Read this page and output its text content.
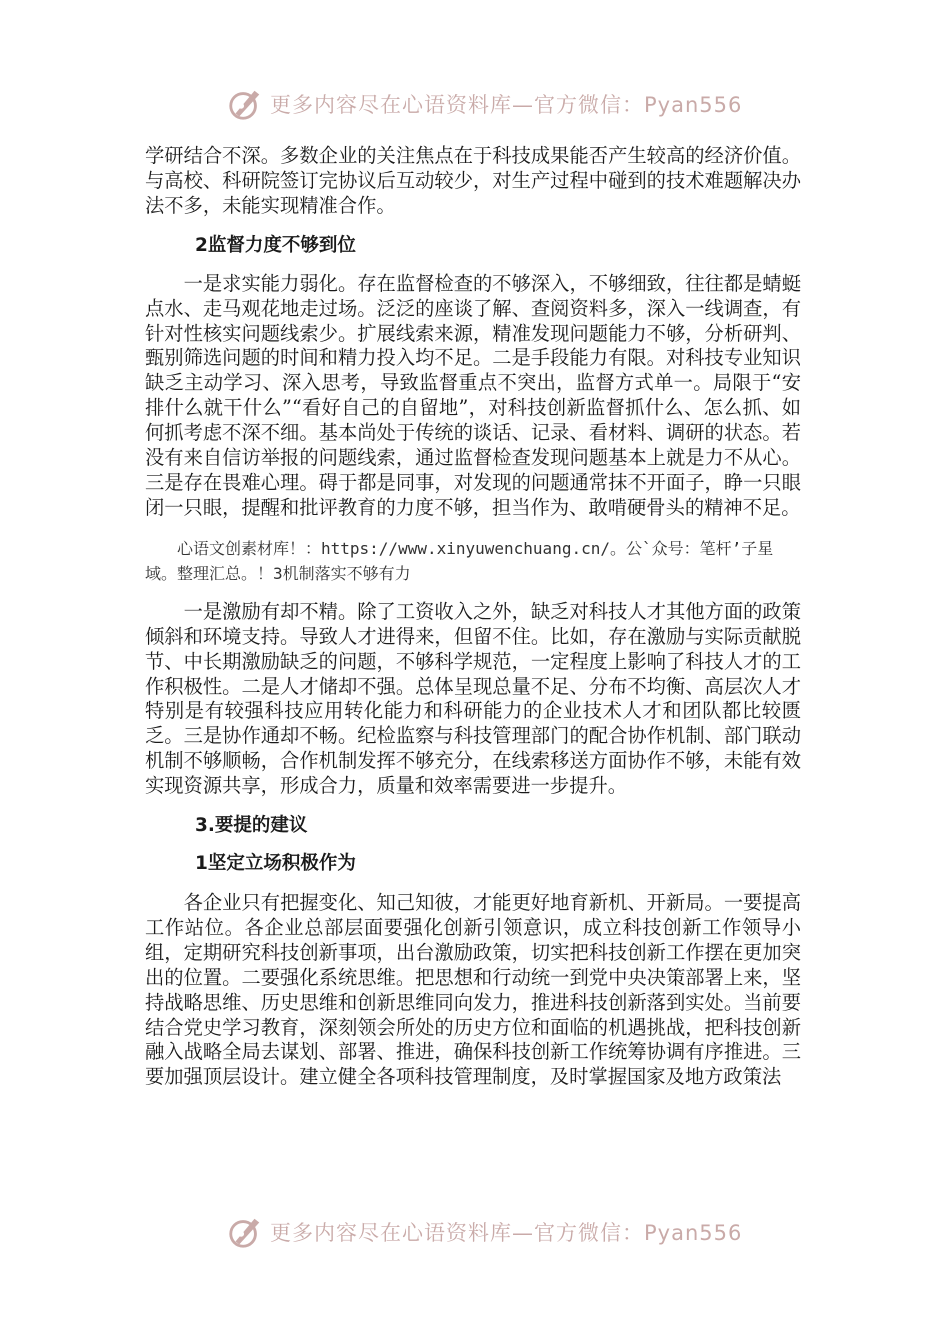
更多内容尽在心语资料库—官方微信：Pyan556

学研结合不深。多数企业的关注焦点在于科技成果能否产生较高的经济价值。与高校、科研院签订完协议后互动较少，对生产过程中碰到的技术难题解决办法不多，未能实现精准合作。

2监督力度不够到位

一是求实能力弱化。存在监督检查的不够深入，不够细致，往往都是蜻蜓点水、走马观花地走过场。泛泛的座谈了解、查阅资料多，深入一线调查，有针对性核实问题线索少。扩展线索来源，精准发现问题能力不够，分析研判、甄别筛选问题的时间和精力投入均不足。二是手段能力有限。对科技专业知识缺乏主动学习、深入思考，导致监督重点不突出，监督方式单一。局限于“安排什么就干什么”“看好自己的自留地”，对科技创新监督抓什么、怎么抓、如何抓考虑不深不细。基本尚处于传统的谈话、记录、看材料、调研的状态。若没有来自信访举报的问题线索，通过监督检查发现问题基本上就是力不从心。三是存在畏难心理。碍于都是同事，对发现的问题通常抹不开面子，睁一只眼闭一只眼，提醒和批评教育的力度不够，担当作为、敢啃硬骨头的精神不足。

心语文创素材库！：https://www.xinyuwenchuang.cn/。公`众号：笔杆’子星域。整理汇总。！3机制落实不够有力

一是激励有却不精。除了工资收入之外，缺乏对科技人才其他方面的政策倾斜和环境支持。导致人才进得来，但留不住。比如，存在激励与实际贡献脱节、中长期激励缺乏的问题，不够科学规范，一定程度上影响了科技人才的工作积极性。二是人才储却不强。总体呈现总量不足、分布不均衡、高层次人才特别是有较强科技应用转化能力和科研能力的企业技术人才和团队都比较匮乏。三是协作通却不畅。纪检监察与科技管理部门的配合协作机制、部门联动机制不够顺畅，合作机制发挥不够充分，在线索移送方面协作不够，未能有效实现资源共享，形成合力，质量和效率需要进一步提升。

3.要提的建议

1坚定立场积极作为

各企业只有把握变化、知己知彼，才能更好地育新机、开新局。一要提高工作站位。各企业总部层面要强化创新引领意识，成立科技创新工作领导小组，定期研究科技创新事项，出台激励政策，切实把科技创新工作摆在更加突出的位置。二要强化系统思维。把思想和行动统一到党中央决策部署上来，坚持战略思维、历史思维和创新思维同向发力，推进科技创新落到实处。当前要结合党史学习教育，深刻领会所处的历史方位和面临的机遇挑战，把科技创新融入战略全局去谋划、部署、推进，确保科技创新工作统筹协调有序推进。三要加强顶层设计。建立健全各项科技管理制度，及时掌握国家及地方政策法

更多内容尽在心语资料库—官方微信：Pyan556
